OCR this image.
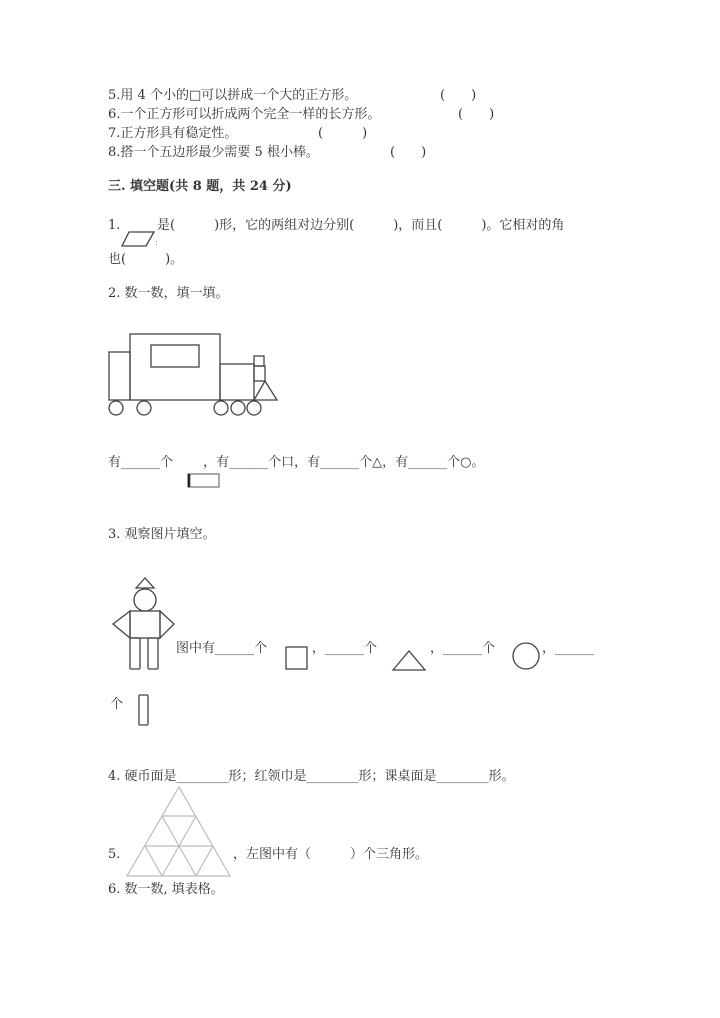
5.用 4 个小的□可以拼成一个大的正方形。	(　　)
6.一个正方形可以折成两个完全一样的长方形。	(　　)
7.正方形具有稳定性。	(　　　)
8.搭一个五边形最少需要 5 根小棒。	(　　)
三. 填空题(共 8 题，共 24 分)
1.	是(　　　)形，它的两组对边分别(　　　)，而且(　　　)。它相对的角
:
也(　　　)。
2. 数一数，填一填。
有______个　　 ，有______个口，有______个△，有______个○。
3. 观察图片填空。
图中有______个	，______个	，______个	，______
个
4. 硬币面是________形；红领巾是________形；课桌面是________形。
5.	，左图中有（　　　）个三角形。
6. 数一数, 填表格。
